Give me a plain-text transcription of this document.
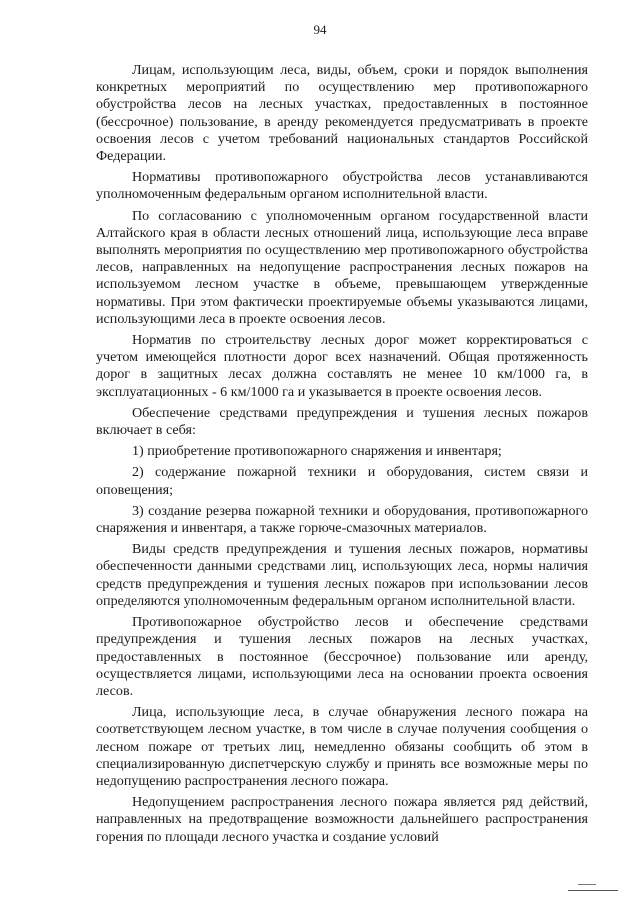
94

Лицам, использующим леса, виды, объем, сроки и порядок выполнения конкретных мероприятий по осуществлению мер противопожарного обустройства лесов на лесных участках, предоставленных в постоянное (бессрочное) пользование, в аренду рекомендуется предусматривать в проекте освоения лесов с учетом требований национальных стандартов Российской Федерации.

Нормативы противопожарного обустройства лесов устанавливаются уполномоченным федеральным органом исполнительной власти.

По согласованию с уполномоченным органом государственной власти Алтайского края в области лесных отношений лица, использующие леса вправе выполнять мероприятия по осуществлению мер противопожарного обустройства лесов, направленных на недопущение распространения лесных пожаров на используемом лесном участке в объеме, превышающем утвержденные нормативы. При этом фактически проектируемые объемы указываются лицами, использующими леса в проекте освоения лесов.

Норматив по строительству лесных дорог может корректироваться с учетом имеющейся плотности дорог всех назначений. Общая протяженность дорог в защитных лесах должна составлять не менее 10 км/1000 га, в эксплуатационных - 6 км/1000 га и указывается в проекте освоения лесов.

Обеспечение средствами предупреждения и тушения лесных пожаров включает в себя:

1) приобретение противопожарного снаряжения и инвентаря;

2) содержание пожарной техники и оборудования, систем связи и оповещения;

3) создание резерва пожарной техники и оборудования, противопожарного снаряжения и инвентаря, а также горюче-смазочных материалов.

Виды средств предупреждения и тушения лесных пожаров, нормативы обеспеченности данными средствами лиц, использующих леса, нормы наличия средств предупреждения и тушения лесных пожаров при использовании лесов определяются уполномоченным федеральным органом исполнительной власти.

Противопожарное обустройство лесов и обеспечение средствами предупреждения и тушения лесных пожаров на лесных участках, предоставленных в постоянное (бессрочное) пользование или аренду, осуществляется лицами, использующими леса на основании проекта освоения лесов.

Лица, использующие леса, в случае обнаружения лесного пожара на соответствующем лесном участке, в том числе в случае получения сообщения о лесном пожаре от третьих лиц, немедленно обязаны сообщить об этом в специализированную диспетчерскую службу и принять все возможные меры по недопущению распространения лесного пожара.

Недопущением распространения лесного пожара является ряд действий, направленных на предотвращение возможности дальнейшего распространения горения по площади лесного участка и создание условий
